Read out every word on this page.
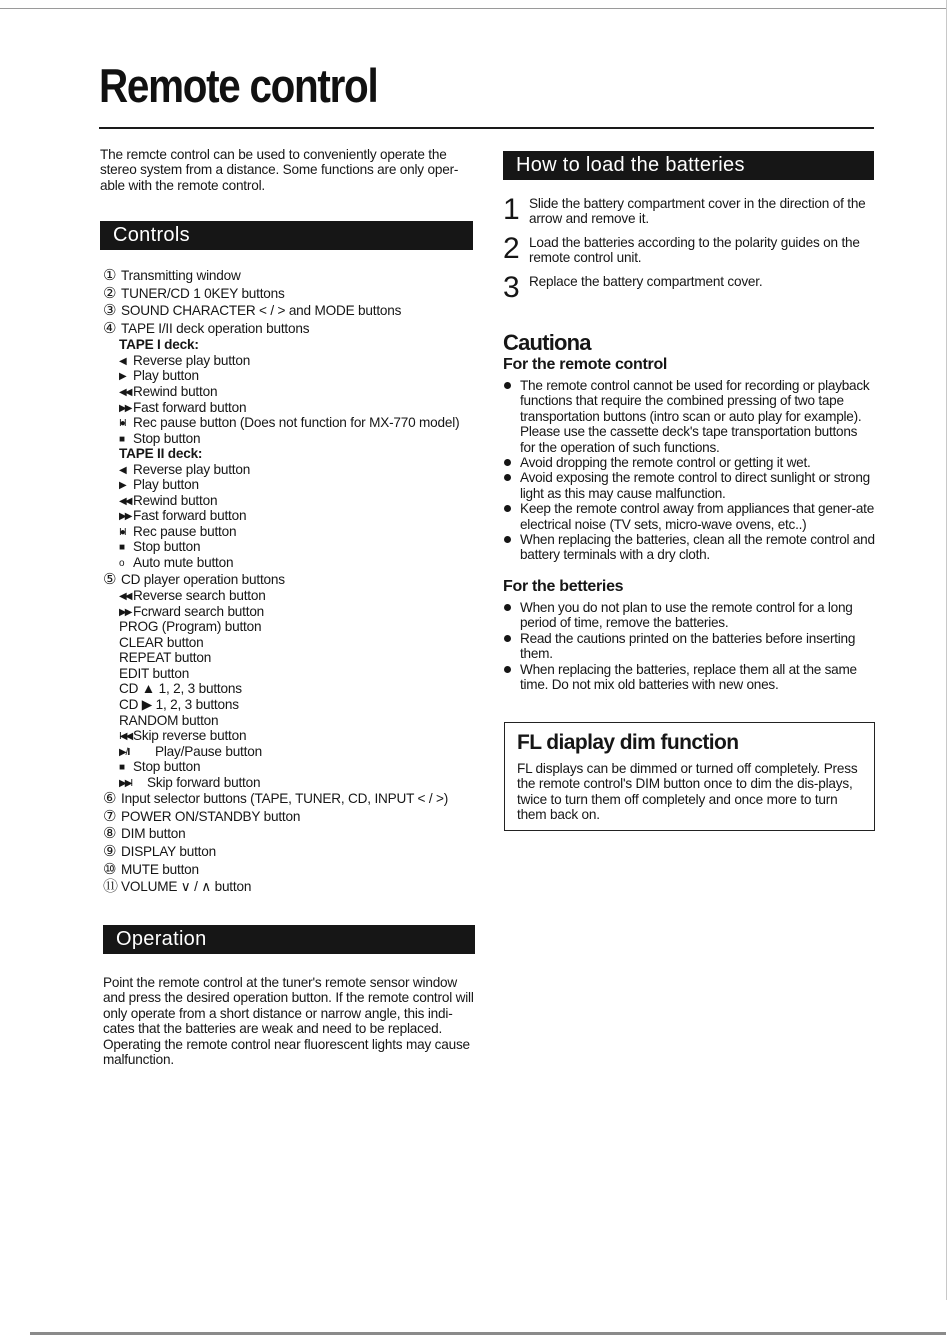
Remote control
The remcte control can be used to conveniently operate the stereo system from a distance. Some functions are only oper-able with the remote control.
Controls
① Transmitting window
② TUNER/CD 1 0KEY buttons
③ SOUND CHARACTER < / > and MODE buttons
④ TAPE I/II deck operation buttons
TAPE I deck:
◀ Reverse play button
▶ Play button
◀◀ Rewind button
▶▶ Fast forward button
I●I Rec pause button (Does not function for MX-770 model)
■ Stop button
TAPE II deck:
◀ Reverse play button
▶ Play button
◀◀ Rewind button
▶▶ Fast forward button
I●I Rec pause button
■ Stop button
o Auto mute button
⑤ CD player operation buttons
◀◀ Reverse search button
▶▶ Fcrward search button
PROG (Program) button
CLEAR button
REPEAT button
EDIT button
CD ▲ 1, 2, 3 buttons
CD ▶ 1, 2, 3 buttons
RANDOM button
I◀◀ Skip reverse button
▶ / II Play/Pause button
■ Stop button
▶▶I Skip forward button
⑥ Input selector buttons (TAPE, TUNER, CD, INPUT < / >)
⑦ POWER ON/STANDBY button
⑧ DIM button
⑨ DISPLAY button
⑩ MUTE button
⑪ VOLUME ∨ / ∧ button
Operation
Point the remote control at the tuner's remote sensor window and press the desired operation button. If the remote control will only operate from a short distance or narrow angle, this indi-cates that the batteries are weak and need to be replaced. Operating the remote control near fluorescent lights may cause malfunction.
How to load the batteries
1 Slide the battery compartment cover in the direction of the arrow and remove it.
2 Load the batteries according to the polarity guides on the remote control unit.
3 Replace the battery compartment cover.
Cautiona
For the remote control
The remote control cannot be used for recording or playback functions that require the combined pressing of two tape transportation buttons (intro scan or auto play for example). Please use the cassette deck's tape transportation buttons for the operation of such functions.
Avoid dropping the remote control or getting it wet.
Avoid exposing the remote control to direct sunlight or strong light as this may cause malfunction.
Keep the remote control away from appliances that gener-ate electrical noise (TV sets, micro-wave ovens, etc..)
When replacing the batteries, clean all the remote control and battery terminals with a dry cloth.
For the betteries
When you do not plan to use the remote control for a long period of time, remove the batteries.
Read the cautions printed on the batteries before inserting them.
When replacing the batteries, replace them all at the same time. Do not mix old batteries with new ones.
FL diaplay dim function
FL displays can be dimmed or turned off completely. Press the remote control's DIM button once to dim the dis-plays, twice to turn them off completely and once more to turn them back on.
